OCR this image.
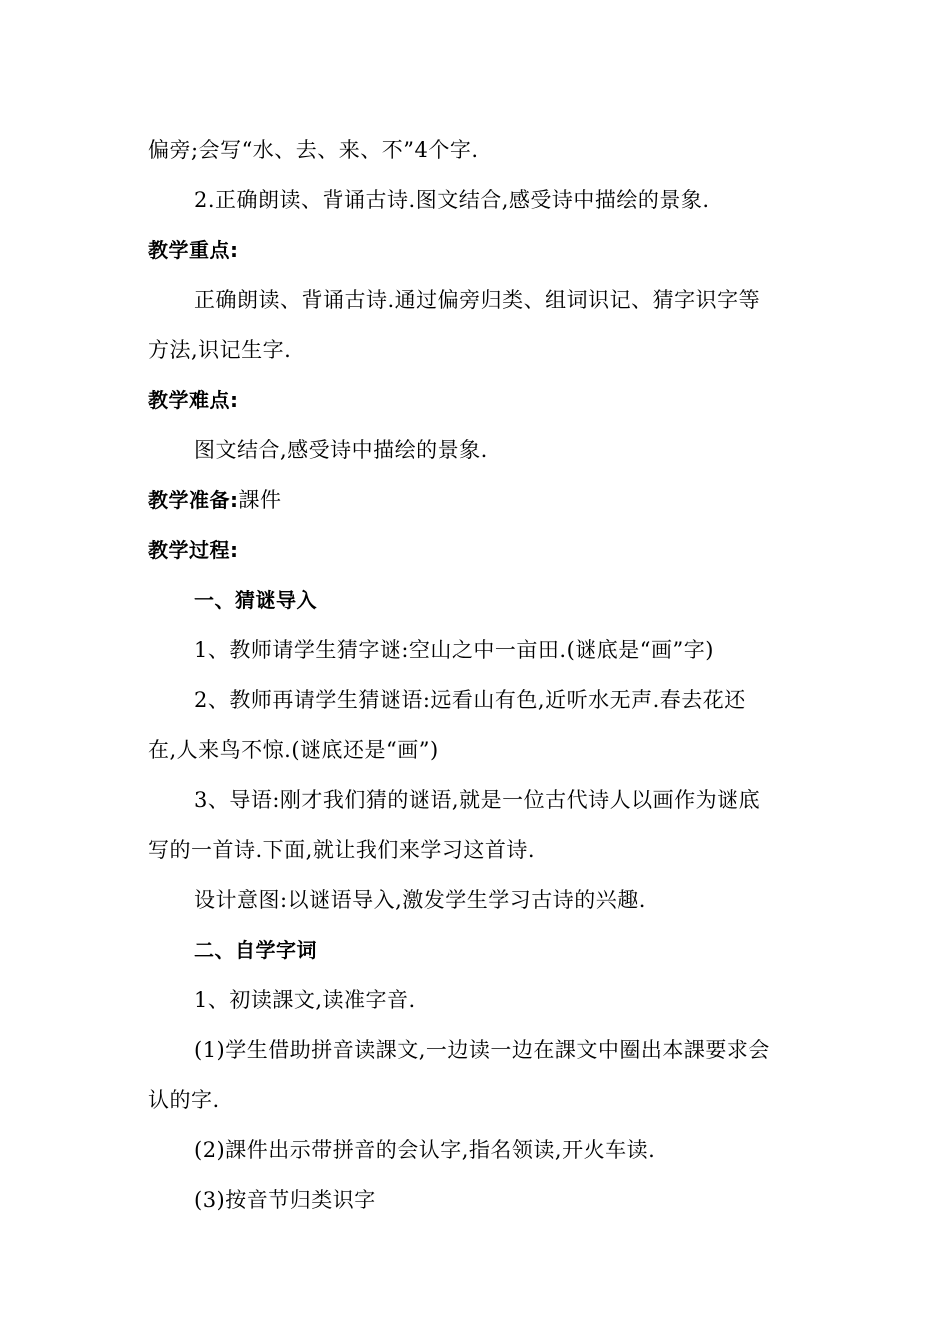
偏旁;会写“水、去、来、不”4个字.
2.正确朗读、背诵古诗.图文结合,感受诗中描绘的景象.
教学重点:
正确朗读、背诵古诗.通过偏旁归类、组词识记、猜字识字等
方法,识记生字.
教学难点:
图文结合,感受诗中描绘的景象.
教学准备:課件
教学过程:
一、猜谜导入
1、教师请学生猜字谜:空山之中一亩田.(谜底是“画”字)
2、教师再请学生猜谜语:远看山有色,近听水无声.春去花还
在,人来鸟不惊.(谜底还是“画”)
3、导语:刚才我们猜的谜语,就是一位古代诗人以画作为谜底
写的一首诗.下面,就让我们来学习这首诗.
设计意图:以谜语导入,激发学生学习古诗的兴趣.
二、自学字词
1、初读課文,读准字音.
(1)学生借助拼音读課文,一边读一边在課文中圈出本課要求会
认的字.
(2)課件出示带拼音的会认字,指名领读,开火车读.
(3)按音节归类识字
